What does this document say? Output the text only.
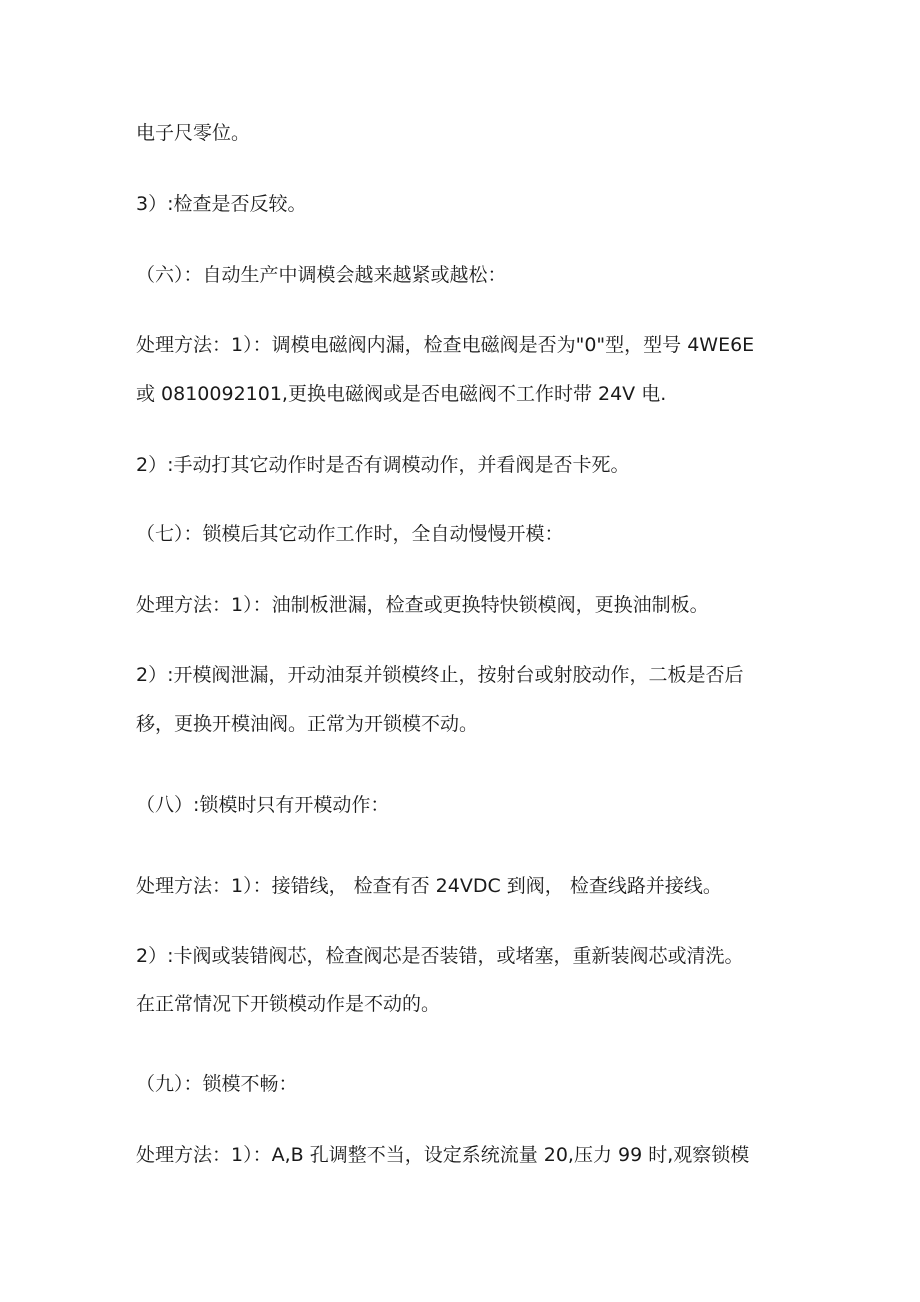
电子尺零位。
3）:检查是否反较。
（六）：自动生产中调模会越来越紧或越松：
处理方法：1）：调模电磁阀内漏，检查电磁阀是否为"0"型，型号 4WE6E
或 0810092101,更换电磁阀或是否电磁阀不工作时带 24V 电.
2）:手动打其它动作时是否有调模动作，并看阀是否卡死。
（七）：锁模后其它动作工作时，全自动慢慢开模：
处理方法：1）：油制板泄漏，检查或更换特快锁模阀，更换油制板。
2）:开模阀泄漏，开动油泵并锁模终止，按射台或射胶动作，二板是否后
移，更换开模油阀。正常为开锁模不动。
（八）:锁模时只有开模动作：
处理方法：1）：接错线， 检查有否 24VDC 到阀， 检查线路并接线。
2）:卡阀或装错阀芯，检查阀芯是否装错，或堵塞，重新装阀芯或清洗。
在正常情况下开锁模动作是不动的。
（九）：锁模不畅：
处理方法：1）：A,B 孔调整不当，设定系统流量 20,压力 99 时,观察锁模
